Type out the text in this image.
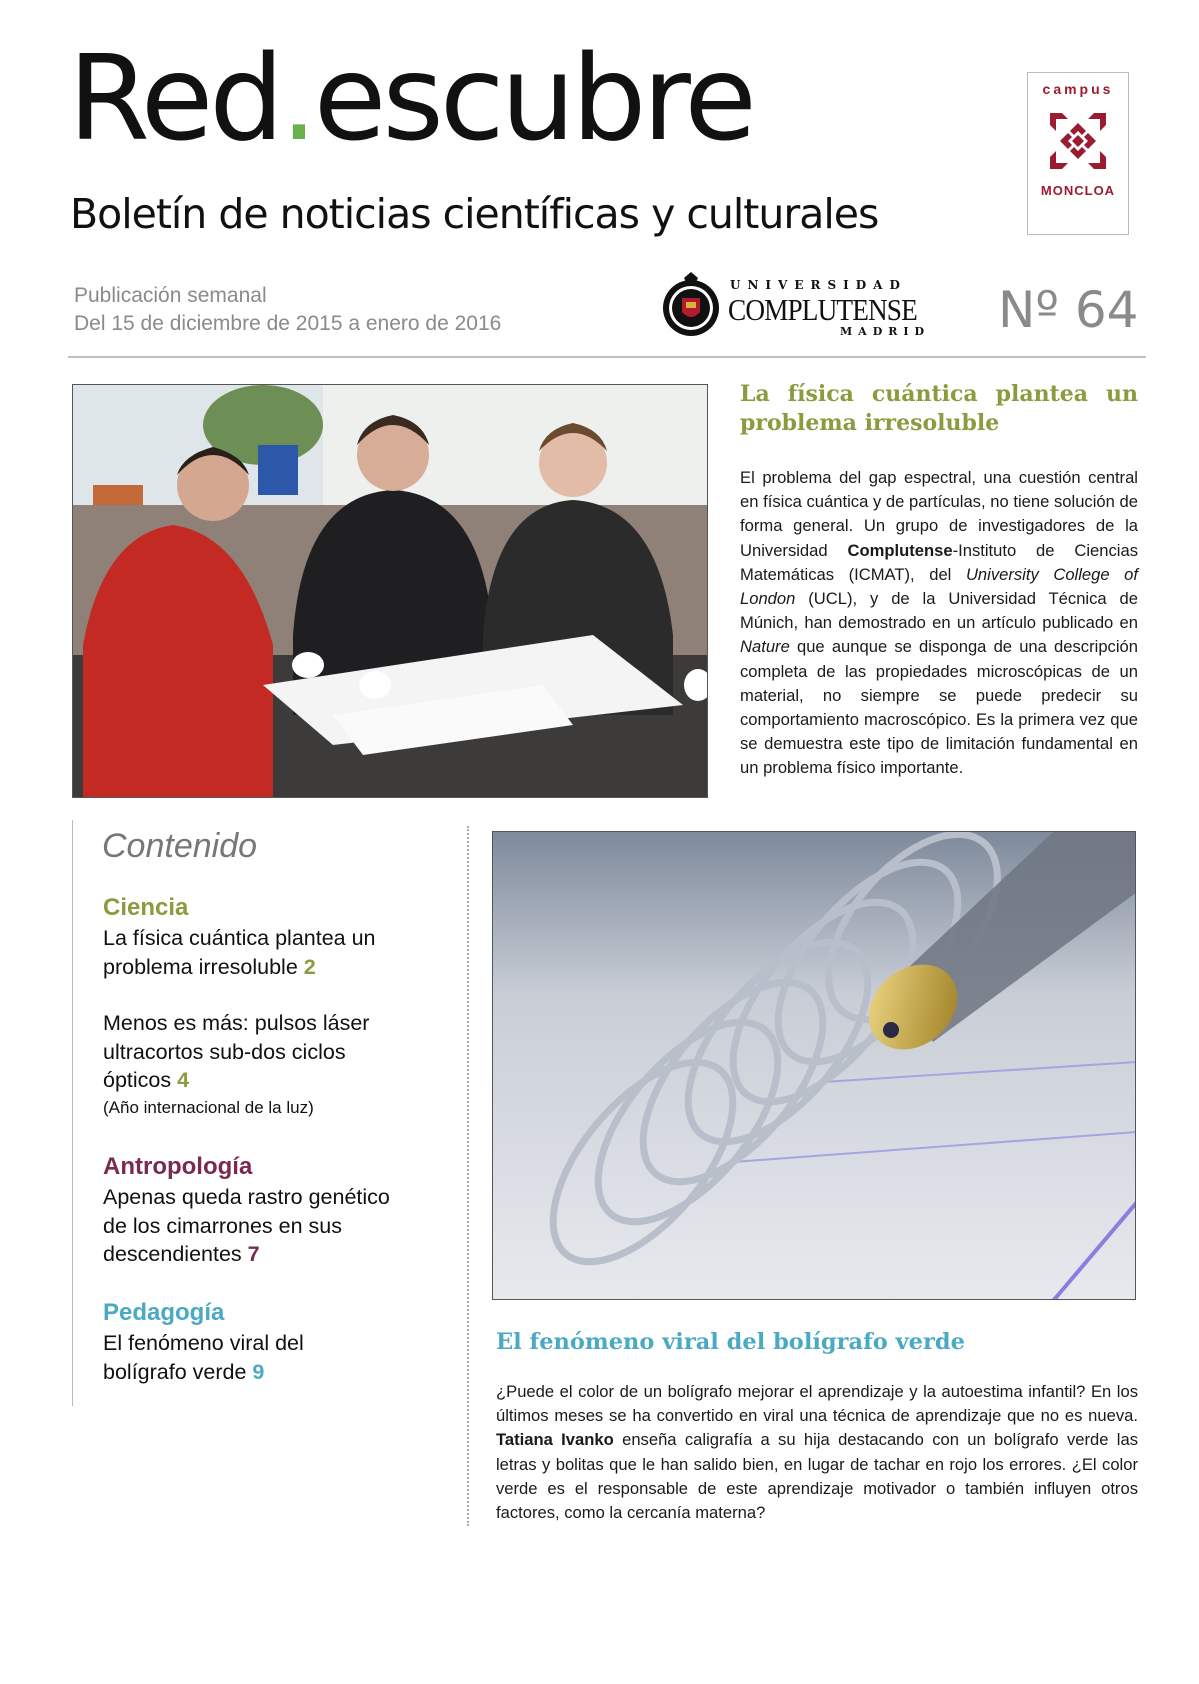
Red.escubre
Boletín de noticias científicas y culturales
campus
MONCLOA
Publicación semanal
Del 15 de diciembre de 2015 a enero de 2016
UNIVERSIDAD
COMPLUTENSE
MADRID Nº 64
La física cuántica plantea un problema irresoluble
El problema del gap espectral, una cuestión central en física cuántica y de partículas, no tiene solución de forma general. Un grupo de investigadores de la Universidad Complutense-Instituto de Ciencias Matemáticas (ICMAT), del University College of London (UCL), y de la Universidad Técnica de Múnich, han demostrado en un artículo publicado en Nature que aunque se disponga de una descripción completa de las propiedades microscópicas de un material, no siempre se puede predecir su comportamiento macroscópico. Es la primera vez que se demuestra este tipo de limitación fundamental en un problema físico importante.
Contenido
Ciencia
La física cuántica plantea un problema irresoluble 2
Menos es más: pulsos láser ultracortos sub-dos ciclos ópticos 4
(Año internacional de la luz)
Antropología
Apenas queda rastro genético de los cimarrones en sus descendientes 7
Pedagogía
El fenómeno viral del bolígrafo verde 9
El fenómeno viral del bolígrafo verde
¿Puede el color de un bolígrafo mejorar el aprendizaje y la autoestima infantil? En los últimos meses se ha convertido en viral una técnica de aprendizaje que no es nueva. Tatiana Ivanko enseña caligrafía a su hija destacando con un bolígrafo verde las letras y bolitas que le han salido bien, en lugar de tachar en rojo los errores. ¿El color verde es el responsable de este aprendizaje motivador o también influyen otros factores, como la cercanía materna?
